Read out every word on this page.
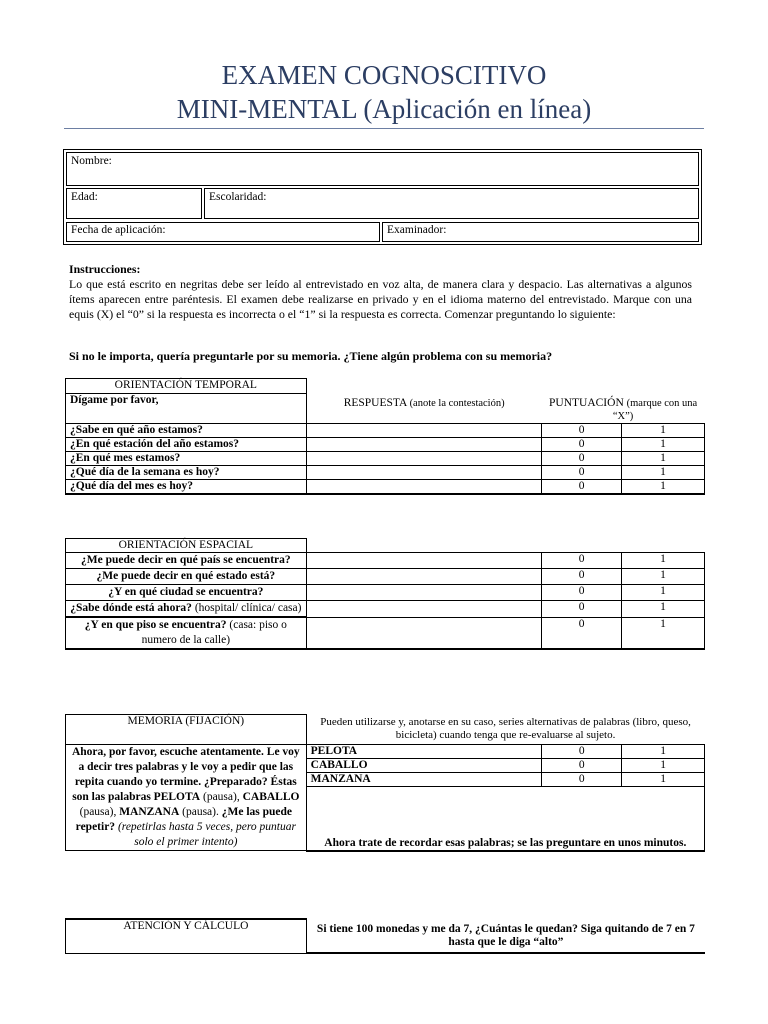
EXAMEN COGNOSCITIVO
MINI-MENTAL (Aplicación en línea)
Nombre:
Edad:	Escolaridad:
Fecha de aplicación:	Examinador:
Instrucciones:
Lo que está escrito en negritas debe ser leído al entrevistado en voz alta, de manera clara y despacio. Las alternativas a algunos ítems aparecen entre paréntesis. El examen debe realizarse en privado y en el idioma materno del entrevistado. Marque con una equis (X) el “0” si la respuesta es incorrecta o el “1” si la respuesta es correcta. Comenzar preguntando lo siguiente:
Si no le importa, quería preguntarle por su memoria. ¿Tiene algún problema con su memoria?
ORIENTACIÓN TEMPORAL	RESPUESTA (anote la contestación)	PUNTUACIÓN (marque con una “X”)	
Dígame por favor,			
¿Sabe en qué año estamos?		0	1
¿En qué estación del año estamos?		0	1
¿En qué mes estamos?		0	1
¿Qué día de la semana es hoy?		0	1
¿Qué día del mes es hoy?		0	1
ORIENTACIÓN ESPACIAL			
¿Me puede decir en qué país se encuentra?		0	1
¿Me puede decir en qué estado está?		0	1
¿Y en qué ciudad se encuentra?		0	1
¿Sabe dónde está ahora? (hospital/ clínica/ casa)		0	1
¿Y en que piso se encuentra? (casa: piso o numero de la calle)		0	1
MEMORIA (FIJACIÓN)	Pueden utilizarse y, anotarse en su caso, series alternativas de palabras (libro, queso, bicicleta) cuando tenga que re-evaluarse al sujeto.		
Ahora, por favor, escuche atentamente. Le voy a decir tres palabras y le voy a pedir que las repita cuando yo termine. ¿Preparado? Éstas son las palabras PELOTA (pausa), CABALLO (pausa), MANZANA (pausa). ¿Me las puede repetir? (repetirlas hasta 5 veces, pero puntuar solo el primer intento)	PELOTA	0	1
	CABALLO	0	1
	MANZANA	0	1

	Ahora trate de recordar esas palabras; se las preguntare en unos minutos.		
ATENCIÓN Y CÁLCULO	Si tiene 100 monedas y me da 7, ¿Cuántas le quedan? Siga quitando de 7 en 7 hasta que le diga “alto”
